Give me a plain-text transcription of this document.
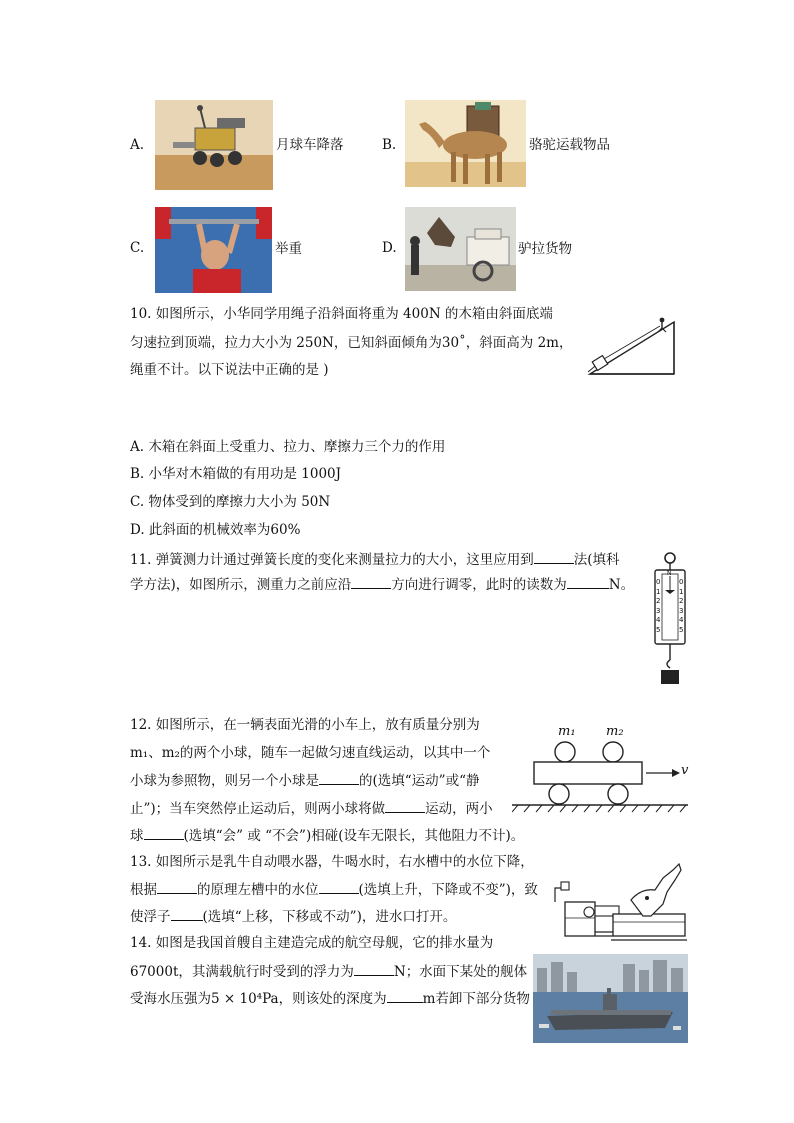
A.	月球车降落	B.	骆驼运载物品
C.	举重	D.	驴拉货物
10. 如图所示，小华同学用绳子沿斜面将重为 400N 的木箱由斜面底端
匀速拉到顶端，拉力大小为 250N，已知斜面倾角为30˚，斜面高为 2m，
绳重不计。以下说法中正确的是 )
A. 木箱在斜面上受重力、拉力、摩擦力三个力的作用
B. 小华对木箱做的有用功是 1000J
C. 物体受到的摩擦力大小为 50N
D. 此斜面的机械效率为60%
11. 弹簧测力计通过弹簧长度的变化来测量拉力的大小，这里应用到	法(填科
学方法)，如图所示，测重力之前应沿	方向进行调零，此时的读数为	N。	0
1
2
3
4
5
0
1
2
3
4
5
N
12. 如图所示，在一辆表面光滑的小车上，放有质量分别为
m₁、m₂的两个小球，随车一起做匀速直线运动，以其中一个
小球为参照物，则另一个小球是	的(选填“运动”或“静
止”)；当车突然停止运动后，则两小球将做	运动，两小
球	(选填“会” 或 “不会”)相碰(设车无限长，其他阻力不计)。
m₁ m₂
v
13. 如图所示是乳牛自动喂水器，牛喝水时，右水槽中的水位下降，
根据	的原理左槽中的水位	(选填上升，下降或不变”)，致
使浮子 (选填“上移，下移或不动”)，进水口打开。
14. 如图是我国首艘自主建造完成的航空母舰，它的排水量为
67000t，其满载航行时受到的浮力为	N；水面下某处的舰体
受海水压强为5 × 10⁴Pa，则该处的深度为	m若卸下部分货物
